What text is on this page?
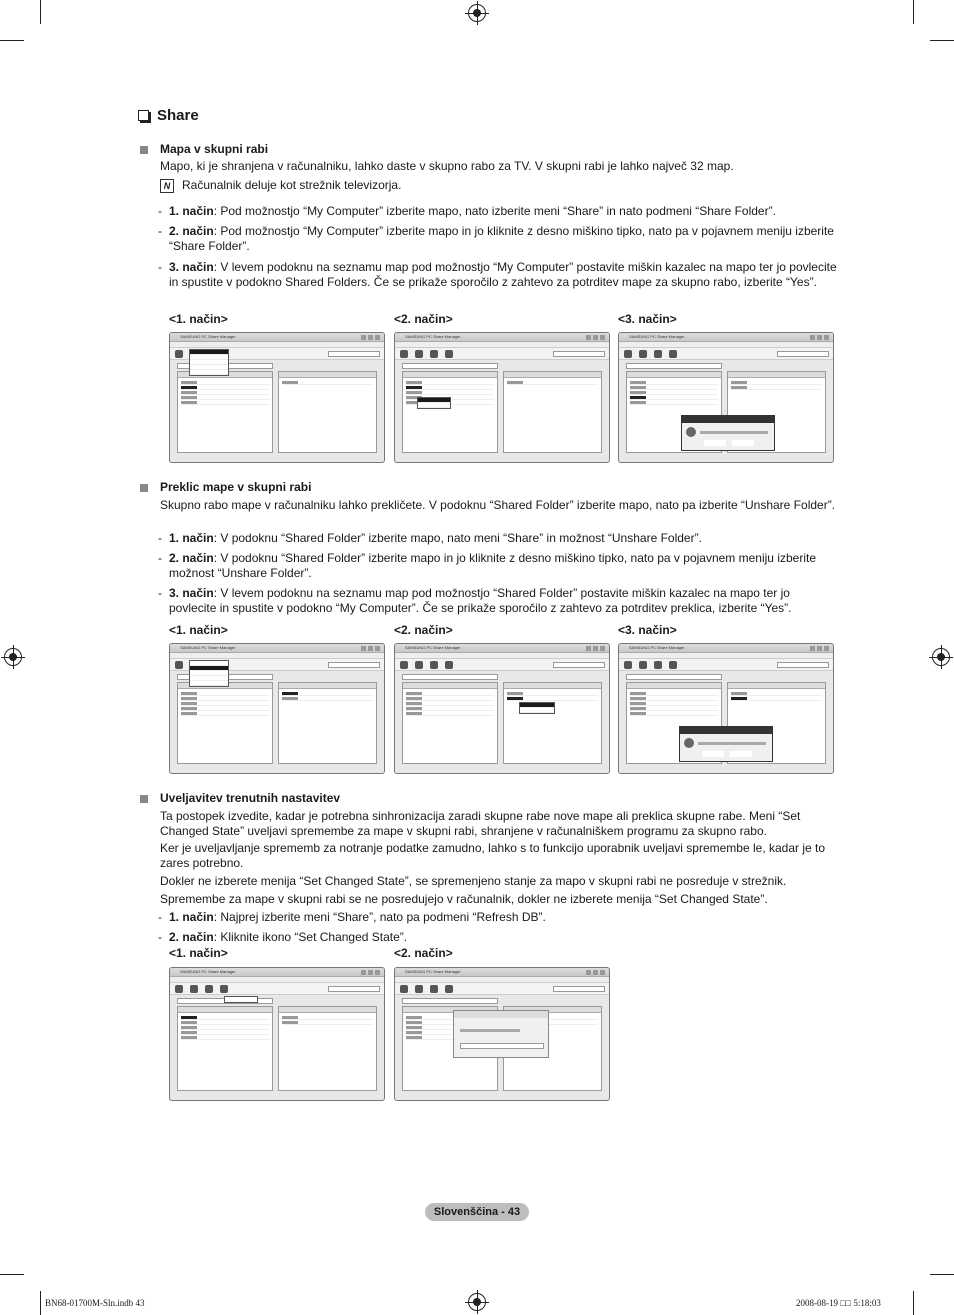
Share
Mapa v skupni rabi
Mapo, ki je shranjena v računalniku, lahko daste v skupno rabo za TV. V skupni rabi je lahko največ 32 map.
N Računalnik deluje kot strežnik televizorja.
- 1. način: Pod možnostjo “My Computer” izberite mapo, nato izberite meni “Share” in nato podmeni “Share Folder”.
- 2. način: Pod možnostjo “My Computer” izberite mapo in jo kliknite z desno miškino tipko, nato pa v pojavnem meniju izberite “Share Folder”.
- 3. način: V levem podoknu na seznamu map pod možnostjo “My Computer” postavite miškin kazalec na mapo ter jo povlecite in spustite v podokno Shared Folders. Če se prikaže sporočilo z zahtevo za potrditev mape za skupno rabo, izberite “Yes”.
<1. način>	<2. način>	<3. način>
SAMSUNG PC Share Manager	SAMSUNG PC Share Manager	SAMSUNG PC Share Manager
Preklic mape v skupni rabi
Skupno rabo mape v računalniku lahko prekličete. V podoknu “Shared Folder” izberite mapo, nato pa izberite “Unshare Folder”.
- 1. način: V podoknu “Shared Folder” izberite mapo, nato meni “Share” in možnost “Unshare Folder”.
- 2. način: V podoknu “Shared Folder” izberite mapo in jo kliknite z desno miškino tipko, nato pa v pojavnem meniju izberite možnost “Unshare Folder”.
- 3. način: V levem podoknu na seznamu map pod možnostjo “Shared Folder” postavite miškin kazalec na mapo ter jo povlecite in spustite v podokno “My Computer”. Če se prikaže sporočilo z zahtevo za potrditev preklica, izberite “Yes”.
<1. način>	<2. način>	<3. način>
SAMSUNG PC Share Manager	SAMSUNG PC Share Manager	SAMSUNG PC Share Manager
Uveljavitev trenutnih nastavitev
Ta postopek izvedite, kadar je potrebna sinhronizacija zaradi skupne rabe nove mape ali preklica skupne rabe. Meni “Set Changed State” uveljavi spremembe za mape v skupni rabi, shranjene v računalniškem programu za skupno rabo.
Ker je uveljavljanje sprememb za notranje podatke zamudno, lahko s to funkcijo uporabnik uveljavi spremembe le, kadar je to zares potrebno.
Dokler ne izberete menija “Set Changed State”, se spremenjeno stanje za mapo v skupni rabi ne posreduje v strežnik.
Spremembe za mape v skupni rabi se ne posredujejo v računalnik, dokler ne izberete menija “Set Changed State”.
- 1. način: Najprej izberite meni “Share”, nato pa podmeni “Refresh DB”.
- 2. način: Kliknite ikono “Set Changed State”.
<1. način>	<2. način>
SAMSUNG PC Share Manager	SAMSUNG PC Share Manager
Slovenščina - 43
BN68-01700M-Sln.indb 43	2008-08-19 □□ 5:18:03
